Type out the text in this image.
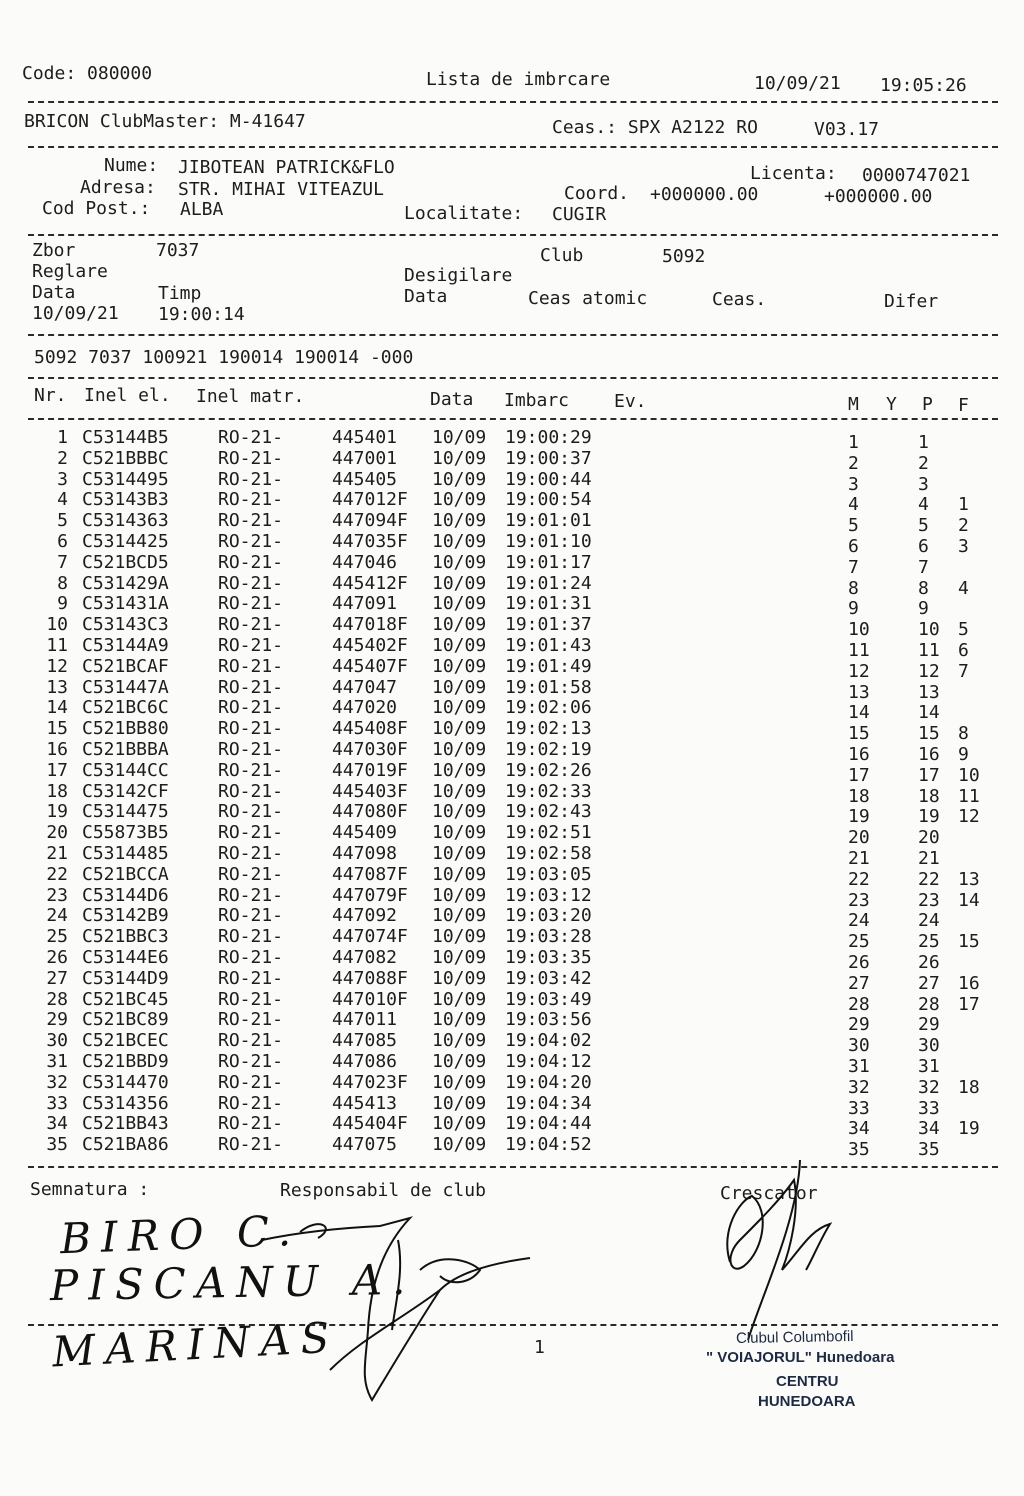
Code: 080000	Lista de imbrcare	10/09/21 19:05:26
BRICON ClubMaster: M-41647	Ceas.: SPX A2122 RO	V03.17
Nume: JIBOTEAN PATRICK&FLO	Licenta: 0000747021
Adresa: STR. MIHAI VITEAZUL	Coord. +000000.00	+000000.00
Cod Post.: ALBA	Localitate: CUGIR
Zbor	7037	Club	5092
Reglare	Desigilare
Data	Timp	Data	Ceas atomic	Ceas.	Difer
10/09/21 19:00:14
5092 7037 100921 190014 190014 -000
Nr. Inel el. Inel matr.	Data Imbarc Ev.	M Y P F
1 C53144B5	RO-21-	445401 10/09 19:00:29	1	1
2 C521BBBC	RO-21-	447001 10/09 19:00:37	2	2
3 C5314495	RO-21-	445405 10/09 19:00:44	3	3
4 C53143B3	RO-21-	447012F 10/09 19:00:54	4	4 1
5 C5314363	RO-21-	447094F 10/09 19:01:01	5	5 2
6 C5314425	RO-21-	447035F 10/09 19:01:10	6	6 3
7 C521BCD5	RO-21-	447046 10/09 19:01:17	7	7
8 C531429A	RO-21-	445412F 10/09 19:01:24	8	8 4
9 C531431A	RO-21-	447091 10/09 19:01:31	9	9
10 C53143C3	RO-21-	447018F 10/09 19:01:37	10	10 5
11 C53144A9	RO-21-	445402F 10/09 19:01:43	11	11 6
12 C521BCAF	RO-21-	445407F 10/09 19:01:49	12	12 7
13 C531447A	RO-21-	447047 10/09 19:01:58	13	13
14 C521BC6C	RO-21-	447020 10/09 19:02:06	14	14
15 C521BB80	RO-21-	445408F 10/09 19:02:13	15	15 8
16 C521BBBA	RO-21-	447030F 10/09 19:02:19	16	16 9
17 C53144CC	RO-21-	447019F 10/09 19:02:26	17	17 10
18 C53142CF	RO-21-	445403F 10/09 19:02:33	18	18 11
19 C5314475	RO-21-	447080F 10/09 19:02:43	19	19 12
20 C55873B5	RO-21-	445409 10/09 19:02:51	20	20
21 C5314485	RO-21-	447098 10/09 19:02:58	21	21
22 C521BCCA	RO-21-	447087F 10/09 19:03:05	22	22 13
23 C53144D6	RO-21-	447079F 10/09 19:03:12	23	23 14
24 C53142B9	RO-21-	447092 10/09 19:03:20	24	24
25 C521BBC3	RO-21-	447074F 10/09 19:03:28	25	25 15
26 C53144E6	RO-21-	447082 10/09 19:03:35	26	26
27 C53144D9	RO-21-	447088F 10/09 19:03:42	27	27 16
28 C521BC45	RO-21-	447010F 10/09 19:03:49	28	28 17
29 C521BC89	RO-21-	447011 10/09 19:03:56	29	29
30 C521BCEC	RO-21-	447085 10/09 19:04:02	30	30
31 C521BBD9	RO-21-	447086 10/09 19:04:12	31	31
32 C5314470	RO-21-	447023F 10/09 19:04:20	32	32 18
33 C5314356	RO-21-	445413 10/09 19:04:34	33	33
34 C521BB43	RO-21-	445404F 10/09 19:04:44	34	34 19
35 C521BA86	RO-21-	447075 10/09 19:04:52	35	35
Semnatura :	Responsabil de club	Crescator
BIRO C.
PISCANU A.
MARINAS	1	Clubul Columbofil
" VOIAJORUL" Hunedoara
CENTRU
HUNEDOARA
